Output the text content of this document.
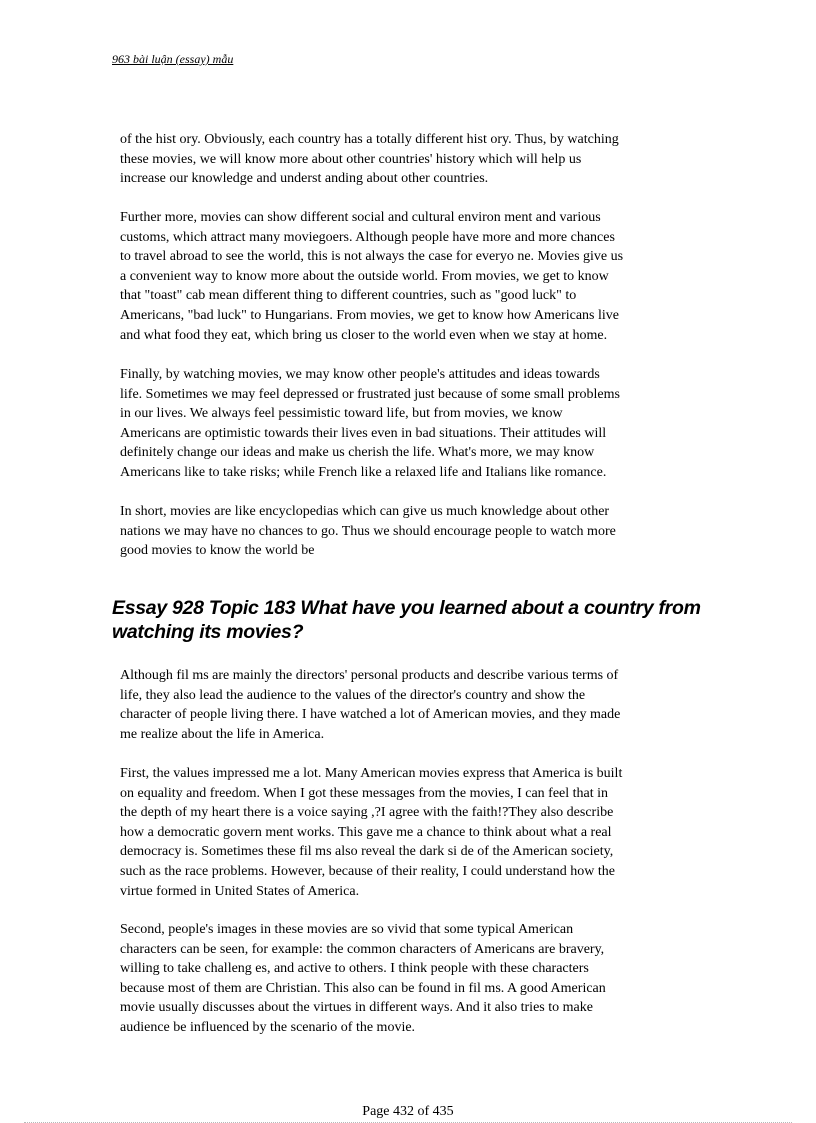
963 bài luận (essay) mẫu

of the hist ory. Obviously, each country has a totally different hist ory. Thus, by watching
these movies, we will know more about other countries' history which will help us
increase our knowledge and underst anding about other countries.

Further more, movies can show different social and cultural environ ment and various
customs, which attract many moviegoers. Although people have more and more chances
to travel abroad to see the world, this is not always the case for everyo ne. Movies give us
a convenient way to know more about the outside world. From movies, we get to know
that "toast" cab mean different thing to different countries, such as "good luck" to
Americans, "bad luck" to Hungarians. From movies, we get to know how Americans live
and what food they eat, which bring us closer to the world even when we stay at home.

Finally, by watching movies, we may know other people's attitudes and ideas towards
life. Sometimes we may feel depressed or frustrated just because of some small problems
in our lives. We always feel pessimistic toward life, but from movies, we know
Americans are optimistic towards their lives even in bad situations. Their attitudes will
definitely change our ideas and make us cherish the life. What's more, we may know
Americans like to take risks; while French like a relaxed life and Italians like romance.

In short, movies are like encyclopedias which can give us much knowledge about other
nations we may have no chances to go. Thus we should encourage people to watch more
good movies to know the world be

Essay 928 Topic 183 What have you learned about a country from
watching its movies?

Although fil ms are mainly the directors' personal products and describe various terms of
life, they also lead the audience to the values of the director's country and show the
character of people living there. I have watched a lot of American movies, and they made
me realize about the life in America.

First, the values impressed me a lot. Many American movies express that America is built
on equality and freedom. When I got these messages from the movies, I can feel that in
the depth of my heart there is a voice saying ,?I agree with the faith!?They also describe
how a democratic govern ment works. This gave me a chance to think about what a real
democracy is. Sometimes these fil ms also reveal the dark si de of the American society,
such as the race problems. However, because of their reality, I could understand how the
virtue formed in United States of America.

Second, people's images in these movies are so vivid that some typical American
characters can be seen, for example: the common characters of Americans are bravery,
willing to take challeng es, and active to others. I think people with these characters
because most of them are Christian. This also can be found in fil ms. A good American
movie usually discusses about the virtues in different ways. And it also tries to make
audience be influenced by the scenario of the movie.

Page 432 of 435
